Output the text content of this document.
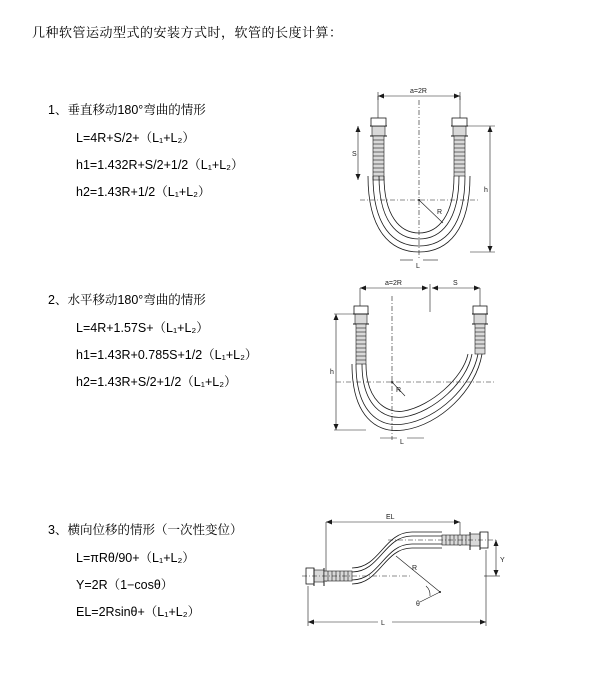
几种软管运动型式的安装方式时，软管的长度计算：
1、垂直移动180°弯曲的情形
L=4R+S/2+（L₁+L₂）
h1=1.432R+S/2+1/2（L₁+L₂）
h2=1.43R+1/2（L₁+L₂）
a=2R
R
h
S
L
2、水平移动180°弯曲的情形
L=4R+1.57S+（L₁+L₂）
h1=1.43R+0.785S+1/2（L₁+L₂）
h2=1.43R+S/2+1/2（L₁+L₂）
a=2R	S
R
h
L
3、横向位移的情形（一次性变位）
L=πRθ/90+（L₁+L₂）
Y=2R（1−cosθ）
EL=2Rsinθ+（L₁+L₂）
EL
θ
R
Y
L
